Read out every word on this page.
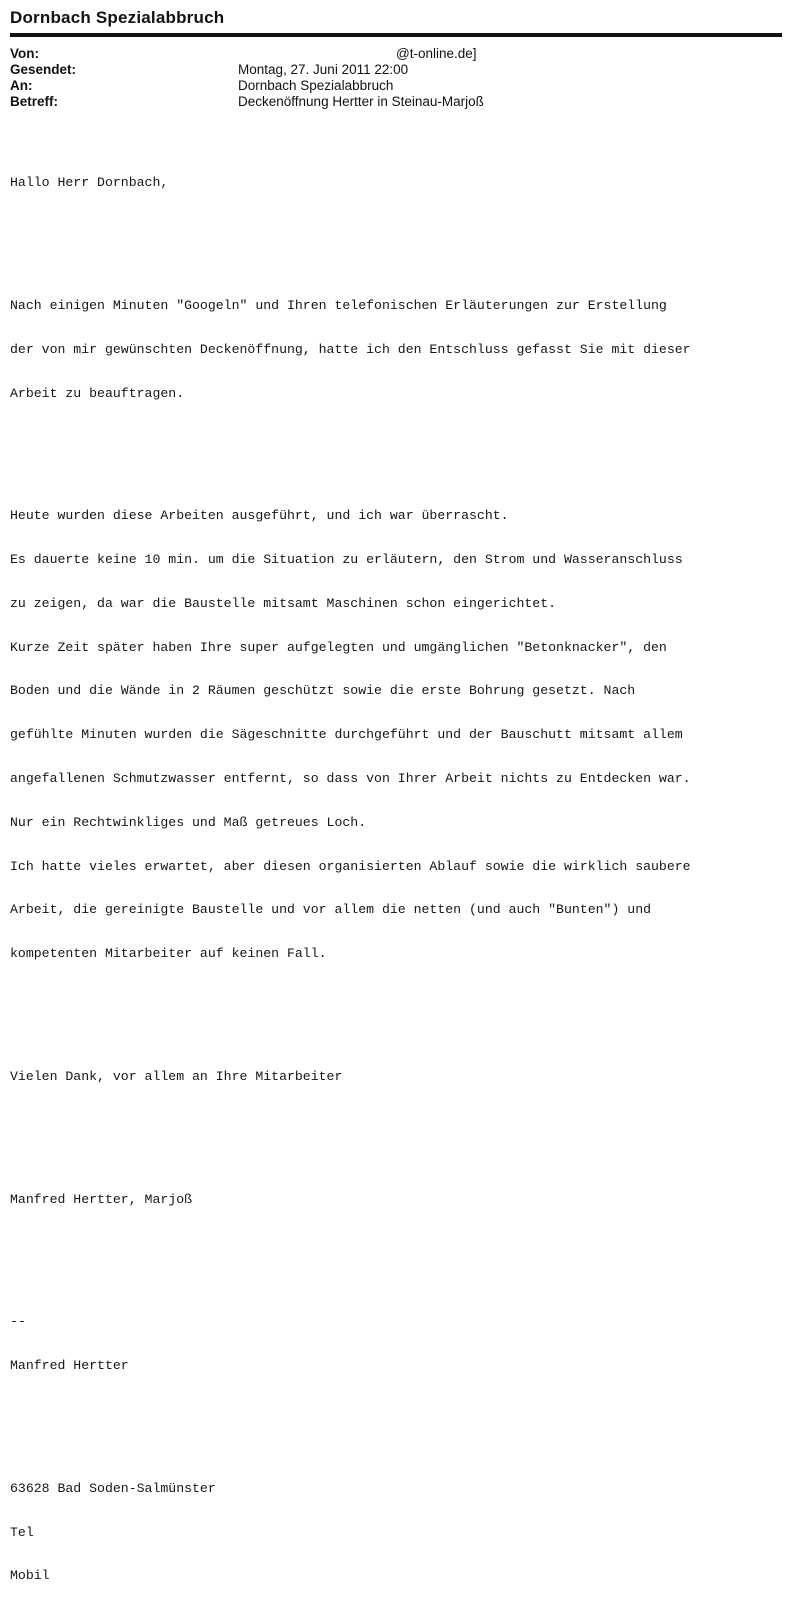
Dornbach Spezialabbruch
Von:	@t-online.de]
Gesendet:	Montag, 27. Juni 2011 22:00
An:	Dornbach Spezialabbruch
Betreff:	Deckenöffnung Hertter in Steinau-Marjoß

Hallo Herr Dornbach,

Nach einigen Minuten "Googeln" und Ihren telefonischen Erläuterungen zur Erstellung

der von mir gewünschten Deckenöffnung, hatte ich den Entschluss gefasst Sie mit dieser

Arbeit zu beauftragen.

Heute wurden diese Arbeiten ausgeführt, und ich war überrascht.

Es dauerte keine 10 min. um die Situation zu erläutern, den Strom und Wasseranschluss

zu zeigen, da war die Baustelle mitsamt Maschinen schon eingerichtet.

Kurze Zeit später haben Ihre super aufgelegten und umgänglichen "Betonknacker", den

Boden und die Wände in 2 Räumen geschützt sowie die erste Bohrung gesetzt. Nach

gefühlte Minuten wurden die Sägeschnitte durchgeführt und der Bauschutt mitsamt allem

angefallenen Schmutzwasser entfernt, so dass von Ihrer Arbeit nichts zu Entdecken war.

Nur ein Rechtwinkliges und Maß getreues Loch.

Ich hatte vieles erwartet, aber diesen organisierten Ablauf sowie die wirklich saubere

Arbeit, die gereinigte Baustelle und vor allem die netten (und auch "Bunten") und

kompetenten Mitarbeiter auf keinen Fall.

Vielen Dank, vor allem an Ihre Mitarbeiter

Manfred Hertter, Marjoß

--

Manfred Hertter

63628 Bad Soden-Salmünster

Tel

Mobil
